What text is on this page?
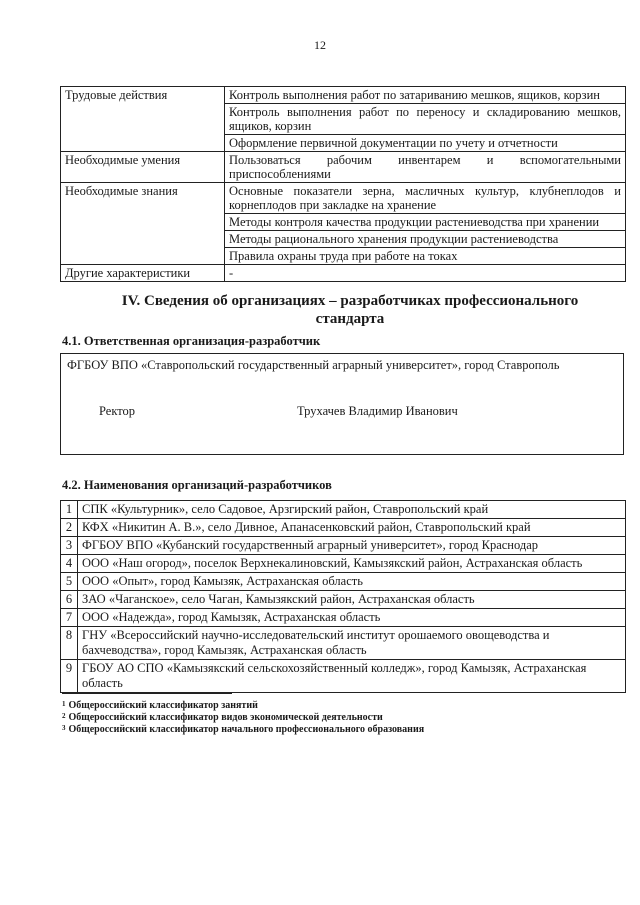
12
Трудовые действия	Контроль выполнения работ по затариванию мешков, ящиков, корзин
	Контроль выполнения работ по переносу и складированию мешков, ящиков, корзин
	Оформление первичной документации по учету и отчетности
Необходимые умения	Пользоваться рабочим инвентарем и вспомогательными приспособлениями
Необходимые знания	Основные показатели зерна, масличных культур, клубнеплодов и корнеплодов при закладке на хранение
	Методы контроля качества продукции растениеводства при хранении
	Методы рационального хранения продукции растениеводства
	Правила охраны труда при работе на токах
Другие характеристики	-
IV. Сведения об организациях – разработчиках профессионального стандарта
4.1. Ответственная организация-разработчик
ФГБОУ ВПО «Ставропольский государственный аграрный университет», город Ставрополь
Ректор	Трухачев Владимир Иванович
4.2. Наименования организаций-разработчиков
1	СПК «Культурник», село Садовое, Арзгирский район, Ставропольский край
2	КФХ «Никитин А. В.», село Дивное, Апанасенковский район, Ставропольский край
3	ФГБОУ ВПО «Кубанский государственный аграрный университет», город Краснодар
4	ООО «Наш огород», поселок Верхнекалиновский, Камызякский район, Астраханская область
5	ООО «Опыт», город Камызяк, Астраханская область
6	ЗАО «Чаганское», село Чаган, Камызякский район, Астраханская область
7	ООО «Надежда», город Камызяк, Астраханская область
8	ГНУ «Всероссийский научно-исследовательский институт орошаемого овощеводства и бахчеводства», город Камызяк, Астраханская область
9	ГБОУ АО СПО «Камызякский сельскохозяйственный колледж», город Камызяк, Астраханская область
$^1$ Общероссийский классификатор занятий
$^2$ Общероссийский классификатор видов экономической деятельности
$^3$ Общероссийский классификатор начального профессионального образования
